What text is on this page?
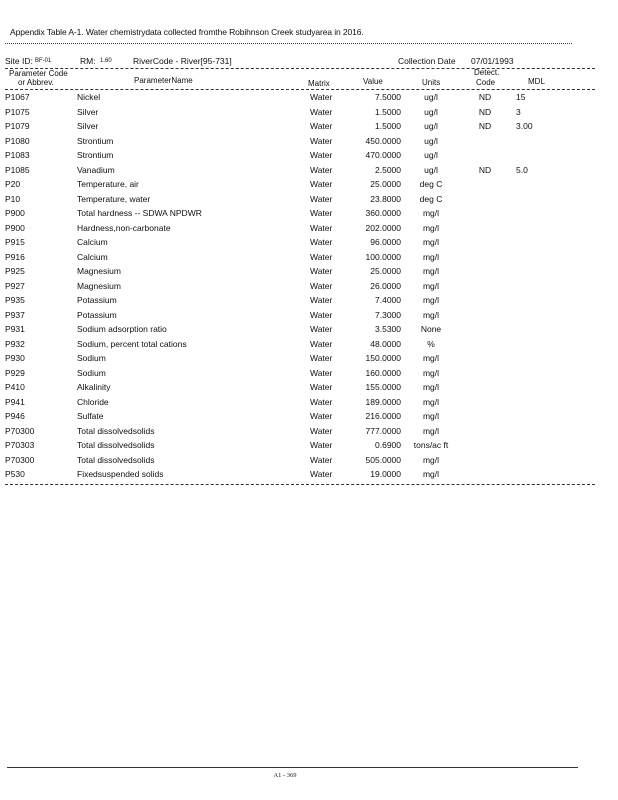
Appendix Table A-1. Water chemistrydata collected fromthe Robihnson Creek studyarea in 2016.
Site ID: BF-01	RM: 1.60	RiverCode - River[95-731]	Collection Date 07/01/1993
Parameter Code
or Abbrev.	ParameterName	Matrix	Value	Units
Detect.
Code	MDL
P1067	Nickel	Water	7.5000	ug/l	ND	15
P1075	Silver	Water	1.5000	ug/l	ND	3
P1079	Silver	Water	1.5000	ug/l	ND	3.00
P1080	Strontium	Water	450.0000	ug/l
P1083	Strontium	Water	470.0000	ug/l
P1085	Vanadium	Water	2.5000	ug/l	ND	5.0
P20	Temperature, air	Water	25.0000	deg C
P10	Temperature, water	Water	23.8000	deg C
P900	Total hardness -- SDWA NPDWR	Water	360.0000	mg/l
P900	Hardness,non-carbonate	Water	202.0000	mg/l
P915	Calcium	Water	96.0000	mg/l
P916	Calcium	Water	100.0000	mg/l
P925	Magnesium	Water	25.0000	mg/l
P927	Magnesium	Water	26.0000	mg/l
P935	Potassium	Water	7.4000	mg/l
P937	Potassium	Water	7.3000	mg/l
P931	Sodium adsorption ratio	Water	3.5300	None
P932	Sodium, percent total cations	Water	48.0000	%
P930	Sodium	Water	150.0000	mg/l
P929	Sodium	Water	160.0000	mg/l
P410	Alkalinity	Water	155.0000	mg/l
P941	Chloride	Water	189.0000	mg/l
P946	Sulfate	Water	216.0000	mg/l
P70300	Total dissolvedsolids	Water	777.0000	mg/l
P70303	Total dissolvedsolids	Water	0.6900	tons/ac ft
P70300	Total dissolvedsolids	Water	505.0000	mg/l
P530	Fixedsuspended solids	Water	19.0000	mg/l
A1 - 369
